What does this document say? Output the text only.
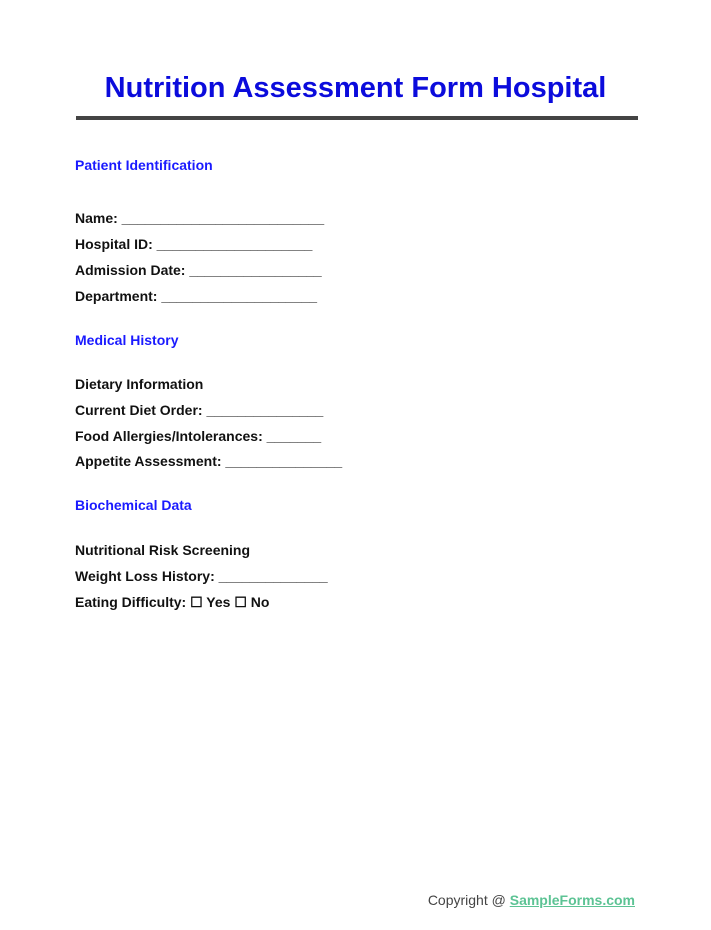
Nutrition Assessment Form Hospital
Patient Identification
Name: __________________________
Hospital ID: ____________________
Admission Date: _________________
Department: ____________________
Medical History
Dietary Information
Current Diet Order: _______________
Food Allergies/Intolerances: _______
Appetite Assessment: _______________
Biochemical Data
Nutritional Risk Screening
Weight Loss History: ______________
Eating Difficulty: ☐ Yes ☐ No
Copyright @ SampleForms.com
